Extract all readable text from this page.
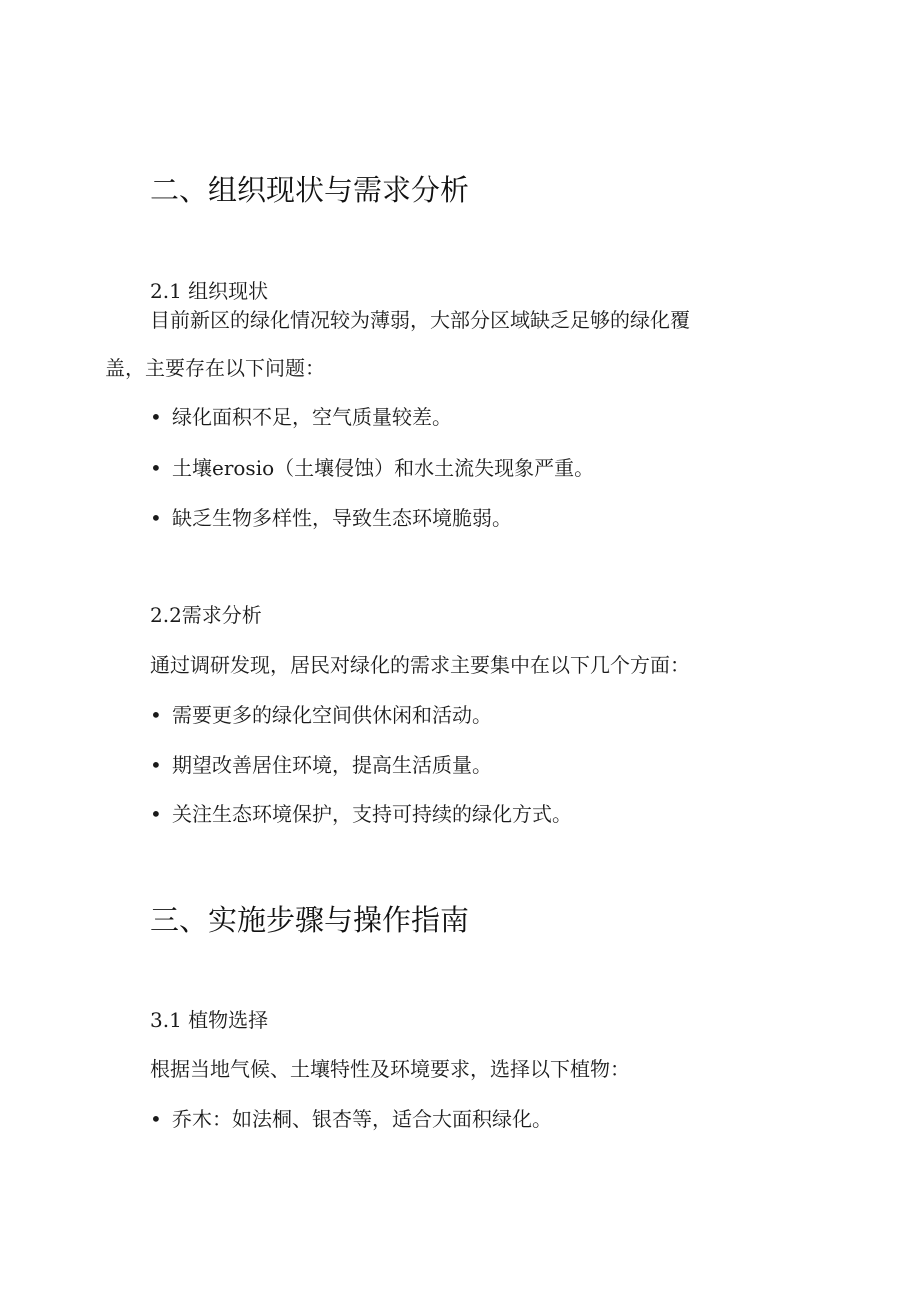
二、组织现状与需求分析
2.1 组织现状
目前新区的绿化情况较为薄弱，大部分区域缺乏足够的绿化覆
盖，主要存在以下问题：
• 绿化面积不足，空气质量较差。
• 土壤erosio（土壤侵蚀）和水土流失现象严重。
• 缺乏生物多样性，导致生态环境脆弱。
2.2需求分析
通过调研发现，居民对绿化的需求主要集中在以下几个方面：
• 需要更多的绿化空间供休闲和活动。
• 期望改善居住环境，提高生活质量。
• 关注生态环境保护，支持可持续的绿化方式。
三、实施步骤与操作指南
3.1 植物选择
根据当地气候、土壤特性及环境要求，选择以下植物：
• 乔木：如法桐、银杏等，适合大面积绿化。
